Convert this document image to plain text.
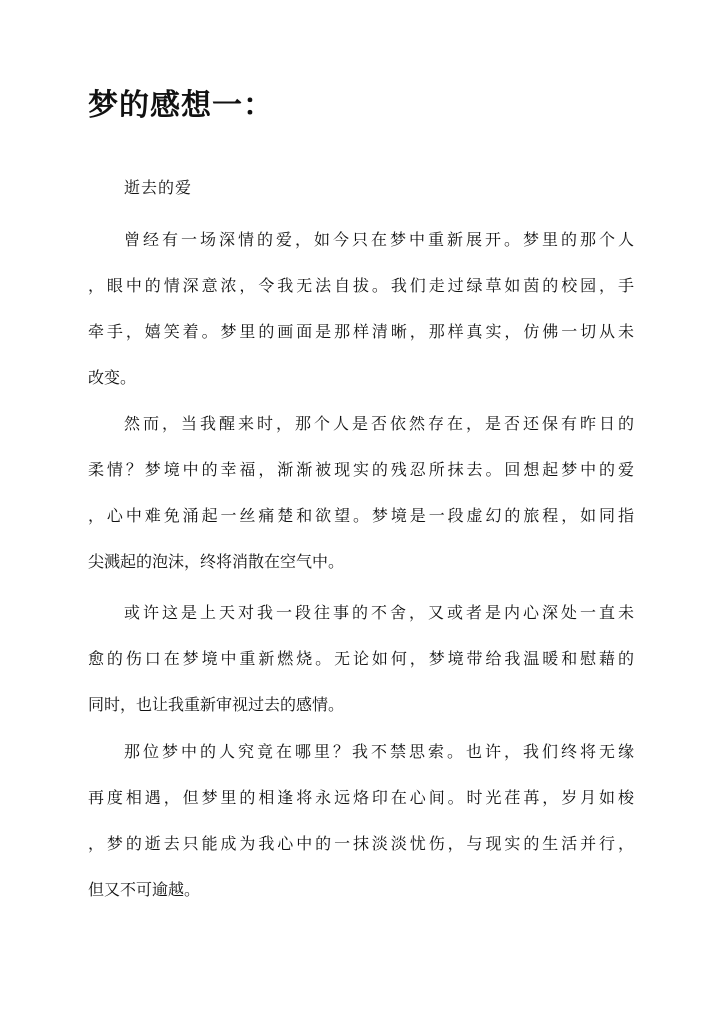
梦的感想一：

逝去的爱

曾经有一场深情的爱，如今只在梦中重新展开。梦里的那个人
，眼中的情深意浓，令我无法自拔。我们走过绿草如茵的校园，手
牵手，嬉笑着。梦里的画面是那样清晰，那样真实，仿佛一切从未
改变。
然而，当我醒来时，那个人是否依然存在，是否还保有昨日的
柔情？梦境中的幸福，渐渐被现实的残忍所抹去。回想起梦中的爱
，心中难免涌起一丝痛楚和欲望。梦境是一段虚幻的旅程，如同指
尖溅起的泡沫，终将消散在空气中。
或许这是上天对我一段往事的不舍，又或者是内心深处一直未
愈的伤口在梦境中重新燃烧。无论如何，梦境带给我温暖和慰藉的
同时，也让我重新审视过去的感情。
那位梦中的人究竟在哪里？我不禁思索。也许，我们终将无缘
再度相遇，但梦里的相逢将永远烙印在心间。时光荏苒，岁月如梭
，梦的逝去只能成为我心中的一抹淡淡忧伤，与现实的生活并行，
但又不可逾越。
